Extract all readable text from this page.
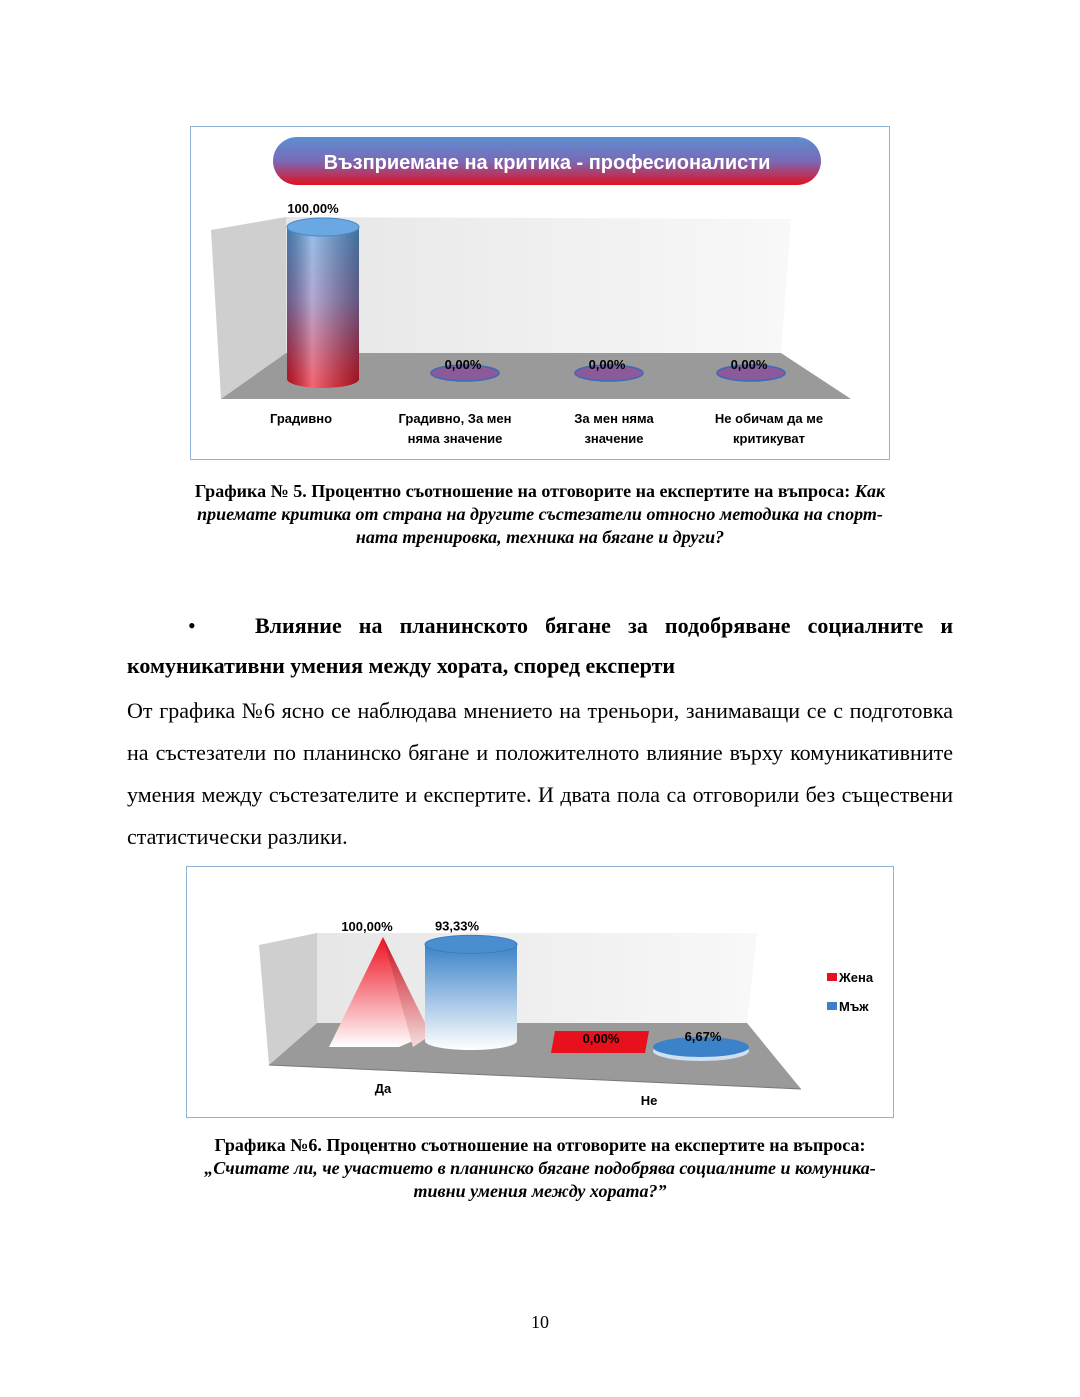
Възприемане на критика - професионалисти
100,00%
0,00%	0,00%	0,00%
Градивно	Градивно, За мен
няма значение
За мен няма
значение
Не обичам да ме
критикуват
Графика № 5. Процентно съотношение на отговорите на експертите на въпроса: Как
приемате критика от страна на другите състезатели относно методика на спорт-
ната тренировка, техника на бягане и други?
•	Влияние на планинското бягане за подобряване социалните и
комуникативни умения между хората, според експерти
От графика №6 ясно се наблюдава мнението на треньори, занимаващи се с подготовка на състезатели по планинско бягане и положителното влияние върху комуникативните умения между състезателите и експертите. И двата пола са отговорили без съществени статистически разлики.
100,00%	93,33%
0,00%	6,67%
Да
Не
Жена
Мъж
Графика №6. Процентно съотношение на отговорите на експертите на въпроса:
„Считате ли, че участието в планинско бягане подобрява социалните и комуника-
тивни умения между хората?”
10
